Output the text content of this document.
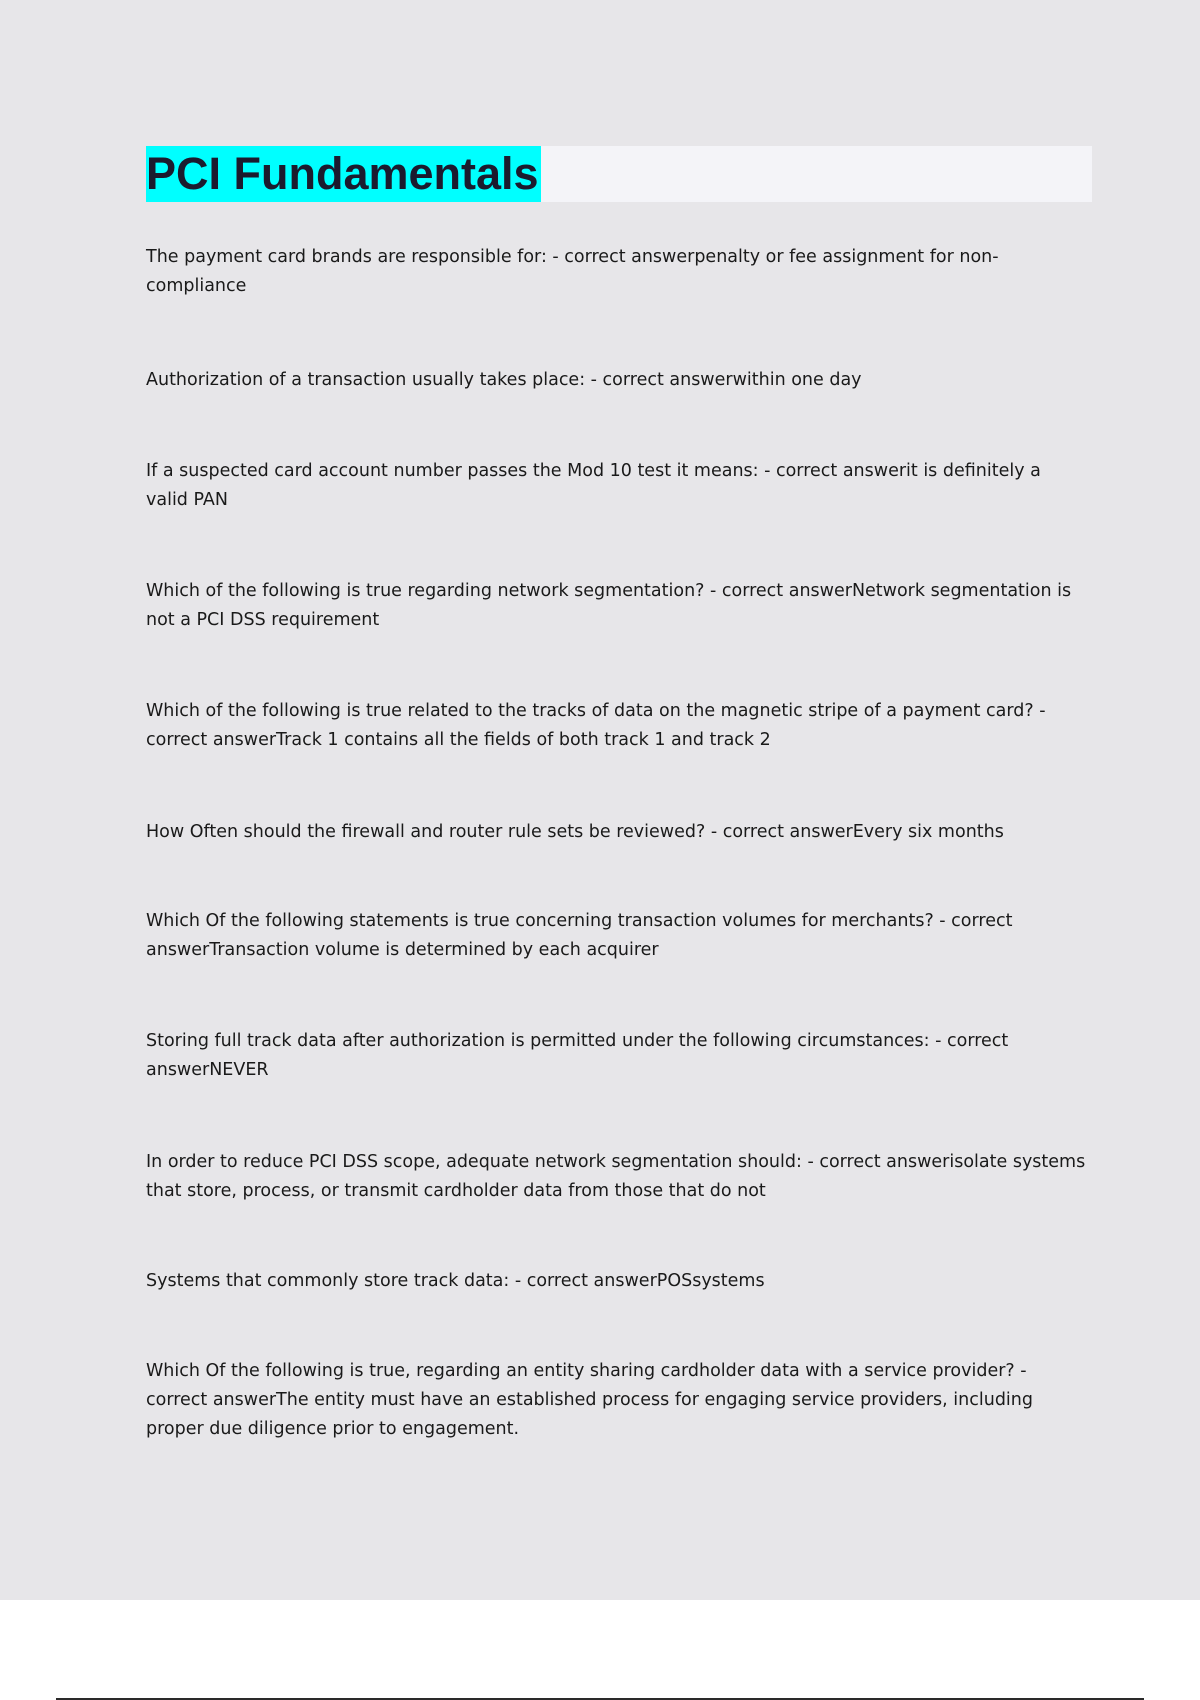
PCI Fundamentals
The payment card brands are responsible for: - correct answerpenalty or fee assignment for non-compliance
Authorization of a transaction usually takes place: - correct answerwithin one day
If a suspected card account number passes the Mod 10 test it means: - correct answerit is definitely a valid PAN
Which of the following is true regarding network segmentation? - correct answerNetwork segmentation is not a PCI DSS requirement
Which of the following is true related to the tracks of data on the magnetic stripe of a payment card? - correct answerTrack 1 contains all the fields of both track 1 and track 2
How Often should the firewall and router rule sets be reviewed? - correct answerEvery six months
Which Of the following statements is true concerning transaction volumes for merchants? - correct answerTransaction volume is determined by each acquirer
Storing full track data after authorization is permitted under the following circumstances: - correct answerNEVER
In order to reduce PCI DSS scope, adequate network segmentation should: - correct answerisolate systems that store, process, or transmit cardholder data from those that do not
Systems that commonly store track data: - correct answerPOSsystems
Which Of the following is true, regarding an entity sharing cardholder data with a service provider? - correct answerThe entity must have an established process for engaging service providers, including proper due diligence prior to engagement.
